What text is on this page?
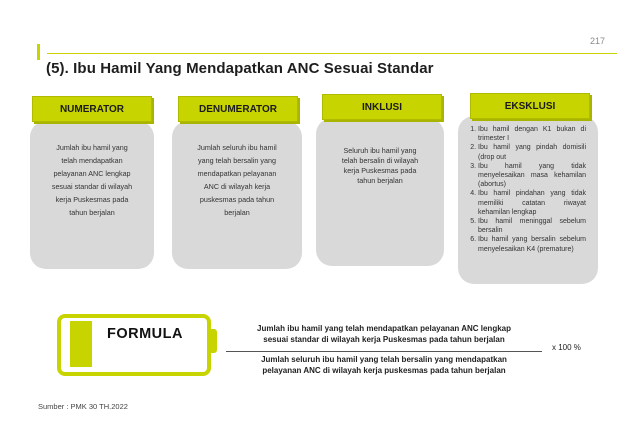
217
(5). Ibu Hamil Yang Mendapatkan ANC Sesuai Standar
Jumlah ibu hamil yang
telah mendapatkan
pelayanan ANC lengkap
sesuai standar di wilayah
kerja Puskesmas pada
tahun berjalan
NUMERATOR
Jumlah seluruh ibu hamil
yang telah bersalin yang
mendapatkan pelayanan
ANC di wilayah kerja
puskesmas pada tahun
berjalan
DENUMERATOR
Seluruh ibu hamil yang
telah bersalin di wilayah
kerja Puskesmas pada
tahun berjalan
INKLUSI
1. Ibu hamil dengan K1 bukan di trimester I
2. Ibu hamil yang pindah domisili (drop out
3. Ibu hamil yang tidak menyelesaikan masa kehamilan (abortus)
4. Ibu hamil pindahan yang tidak memiliki catatan riwayat kehamilan lengkap
5. Ibu hamil meninggal sebelum bersalin
6. Ibu hamil yang bersalin sebelum menyelesaikan K4 (premature)
EKSKLUSI
FORMULA	Jumlah ibu hamil yang telah mendapatkan pelayanan ANC lengkap
sesuai standar di wilayah kerja Puskesmas pada tahun berjalan
Jumlah seluruh ibu hamil yang telah bersalin yang mendapatkan
pelayanan ANC di wilayah kerja puskesmas pada tahun berjalan
x 100 %
Sumber : PMK 30 TH.2022
